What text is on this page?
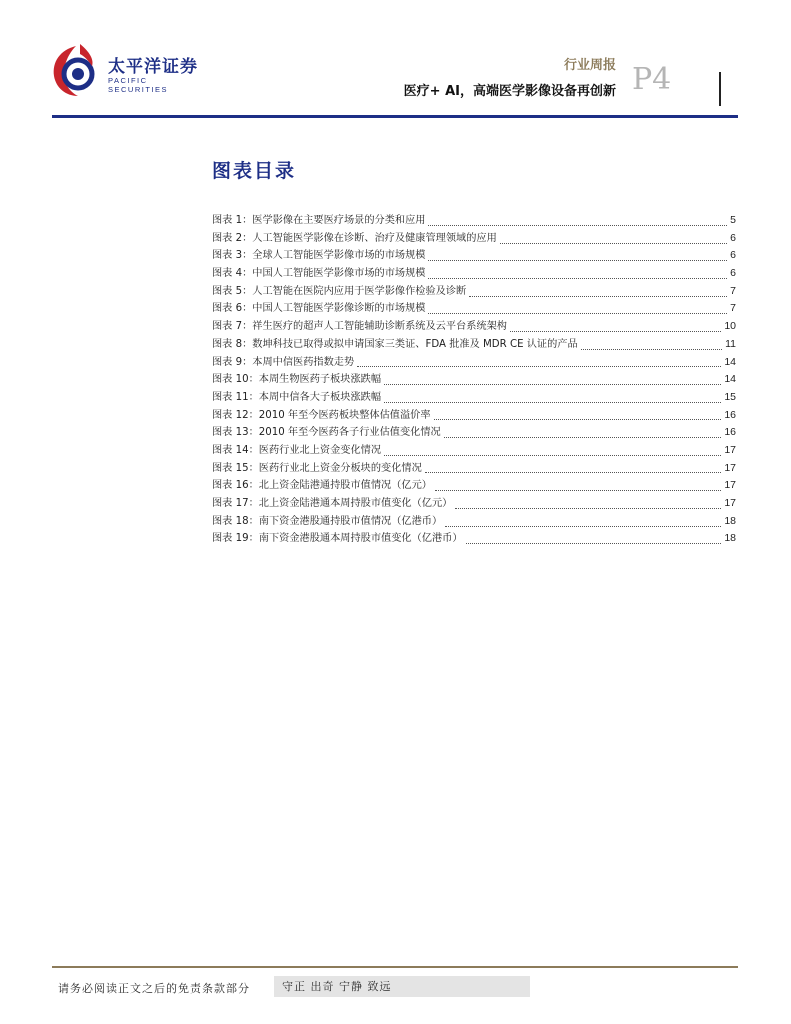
太平洋证券
PACIFIC SECURITIES
行业周报
医疗+ AI，高端医学影像设备再创新 P4
图表目录
图表 1：医学影像在主要医疗场景的分类和应用	5
图表 2：人工智能医学影像在诊断、治疗及健康管理领域的应用	6
图表 3：全球人工智能医学影像市场的市场规模	6
图表 4：中国人工智能医学影像市场的市场规模	6
图表 5：人工智能在医院内应用于医学影像作检验及诊断	7
图表 6：中国人工智能医学影像诊断的市场规模	7
图表 7：祥生医疗的超声人工智能辅助诊断系统及云平台系统架构	10
图表 8：数坤科技已取得或拟申请国家三类证、FDA 批准及 MDR CE 认证的产品	11
图表 9：本周中信医药指数走势	14
图表 10：本周生物医药子板块涨跌幅	14
图表 11：本周中信各大子板块涨跌幅	15
图表 12：2010 年至今医药板块整体估值溢价率	16
图表 13：2010 年至今医药各子行业估值变化情况	16
图表 14：医药行业北上资金变化情况	17
图表 15：医药行业北上资金分板块的变化情况	17
图表 16：北上资金陆港通持股市值情况（亿元）	17
图表 17：北上资金陆港通本周持股市值变化（亿元）	17
图表 18：南下资金港股通持股市值情况（亿港币）	18
图表 19：南下资金港股通本周持股市值变化（亿港币）	18
请务必阅读正文之后的免责条款部分	守正 出奇 宁静 致远
